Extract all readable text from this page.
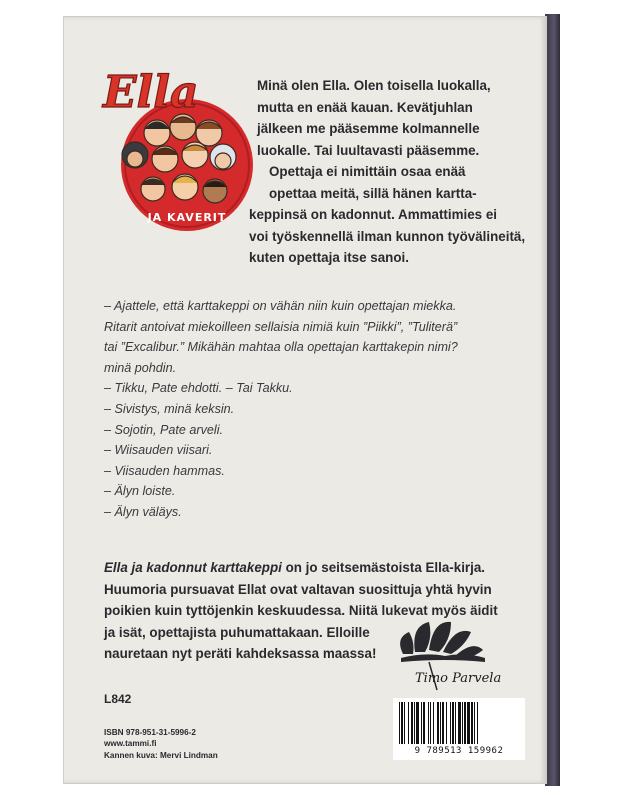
Ella
JA KAVERIT
Minä olen Ella. Olen toisella luokalla,
mutta en enää kauan. Kevätjuhlan
jälkeen me pääsemme kolmannelle
luokalle. Tai luultavasti pääsemme.
Opettaja ei nimittäin osaa enää
opettaa meitä, sillä hänen kartta-
keppinsä on kadonnut. Ammattimies ei
voi työskennellä ilman kunnon työvälineitä,
kuten opettaja itse sanoi.
– Ajattele, että karttakeppi on vähän niin kuin opettajan miekka.
Ritarit antoivat miekoilleen sellaisia nimiä kuin ”Piikki”, ”Tuliterä”
tai ”Excalibur.” Mikähän mahtaa olla opettajan karttakepin nimi?
minä pohdin.
– Tikku, Pate ehdotti. – Tai Takku.
– Sivistys, minä keksin.
– Sojotin, Pate arveli.
– Wiisauden viisari.
– Viisauden hammas.
– Älyn loiste.
– Älyn väläys.
Ella ja kadonnut karttakeppi on jo seitsemästoista Ella-kirja.
Huumoria pursuavat Ellat ovat valtavan suosittuja yhtä hyvin
poikien kuin tyttöjenkin keskuudessa. Niitä lukevat myös äidit
ja isät, opettajista puhumattakaan. Elloille
nauretaan nyt peräti kahdeksassa maassa!
Timo Parvela
L842
ISBN 978-951-31-5996-2
www.tammi.fi
Kannen kuva: Mervi Lindman	9 789513 159962
